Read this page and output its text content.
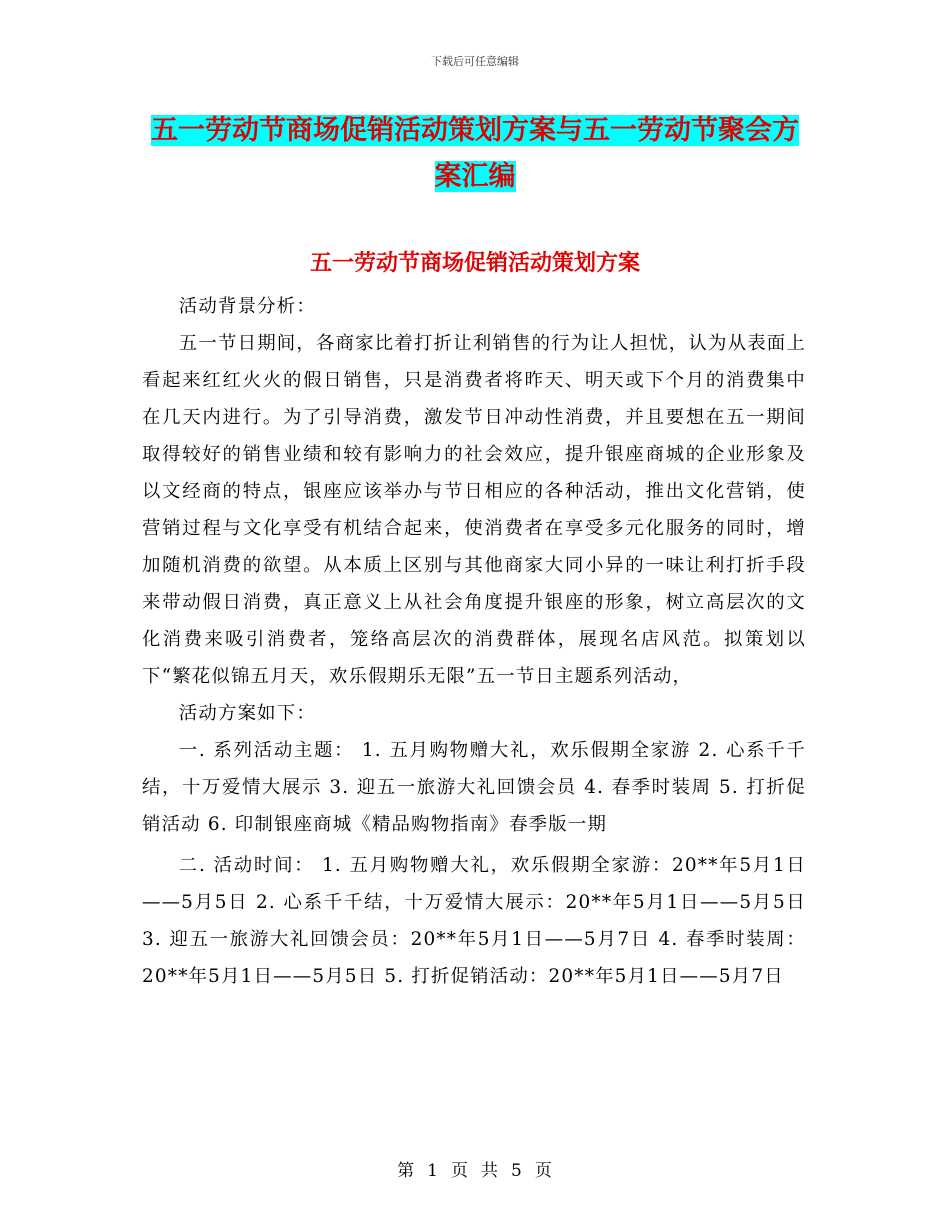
下载后可任意编辑
五一劳动节商场促销活动策划方案与五一劳动节聚会方案汇编
五一劳动节商场促销活动策划方案

活动背景分析：

五一节日期间，各商家比着打折让利销售的行为让人担忧，认为从表面上看起来红红火火的假日销售，只是消费者将昨天、明天或下个月的消费集中在几天内进行。为了引导消费，激发节日冲动性消费，并且要想在五一期间取得较好的销售业绩和较有影响力的社会效应，提升银座商城的企业形象及以文经商的特点，银座应该举办与节日相应的各种活动，推出文化营销，使营销过程与文化享受有机结合起来，使消费者在享受多元化服务的同时，增加随机消费的欲望。从本质上区别与其他商家大同小异的一味让利打折手段来带动假日消费，真正意义上从社会角度提升银座的形象，树立高层次的文化消费来吸引消费者，笼络高层次的消费群体，展现名店风范。拟策划以下“繁花似锦五月天，欢乐假期乐无限”五一节日主题系列活动，

活动方案如下：

一. 系列活动主题： 1. 五月购物赠大礼，欢乐假期全家游 2. 心系千千结，十万爱情大展示 3. 迎五一旅游大礼回馈会员 4. 春季时装周 5. 打折促销活动 6. 印制银座商城《精品购物指南》春季版一期

二. 活动时间： 1. 五月购物赠大礼，欢乐假期全家游：20**年5月1日——5月5日 2. 心系千千结，十万爱情大展示：20**年5月1日——5月5日 3. 迎五一旅游大礼回馈会员：20**年5月1日——5月7日 4. 春季时装周：20**年5月1日——5月5日 5. 打折促销活动：20**年5月1日——5月7日

第 1 页 共 5 页
